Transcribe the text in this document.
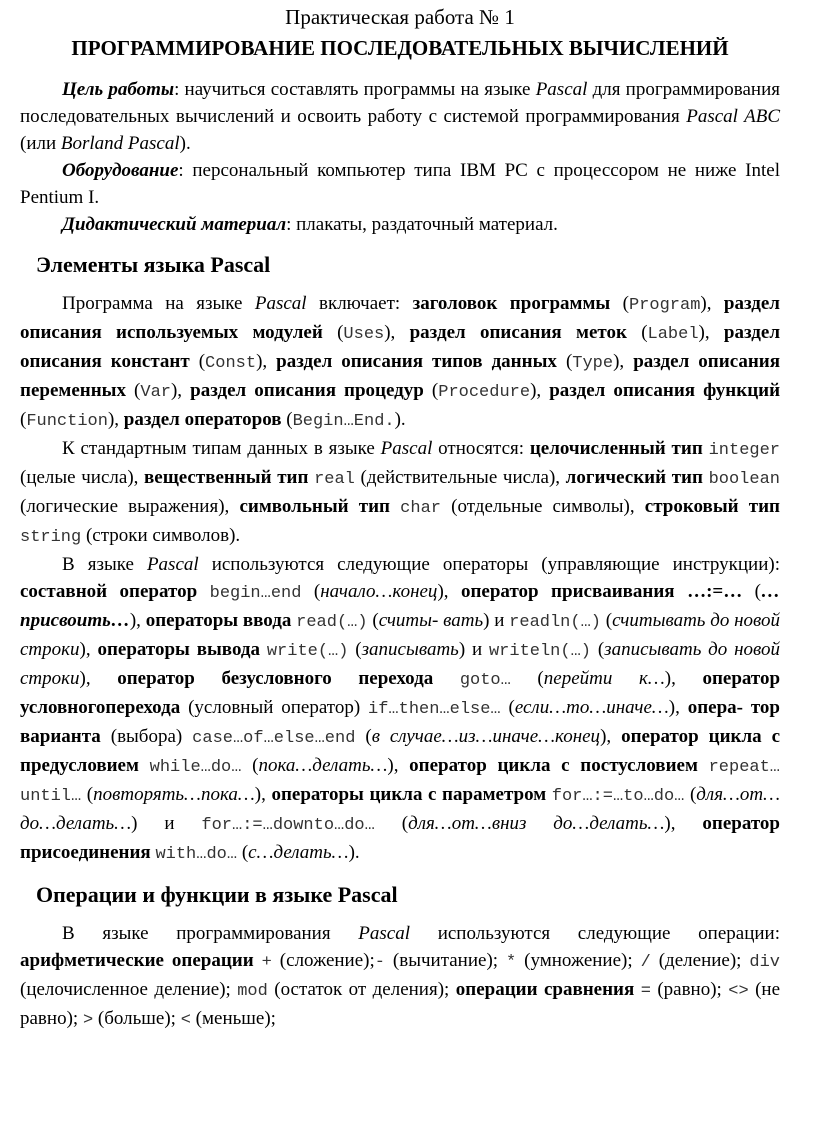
Практическая работа № 1
ПРОГРАММИРОВАНИЕ ПОСЛЕДОВАТЕЛЬНЫХ ВЫЧИСЛЕНИЙ

Цель работы: научиться составлять программы на языке Pascal для программирования последовательных вычислений и освоить работу с системой программирования Pascal ABC (или Borland Pascal).

Оборудование: персональный компьютер типа IBM PC с процессором не ниже Intel Pentium I.

Дидактический материал: плакаты, раздаточный материал.

Элементы языка Pascal

Программа на языке Pascal включает: заголовок программы (Program), раздел описания используемых модулей (Uses), раздел описания меток (Label), раздел описания констант (Const), раздел описания типов данных (Type), раздел описания переменных (Var), раздел описания процедур (Procedure), раздел описания функций (Function), раздел операторов (Begin…End.).

К стандартным типам данных в языке Pascal относятся: целочисленный тип integer (целые числа), вещественный тип real (действительные числа), логический тип boolean (логические выражения), символьный тип char (отдельные символы), строковый тип string (строки символов).

В языке Pascal используются следующие операторы (управляющие инструкции): составной оператор begin…end (начало…конец), оператор присваивания …:=… (…присвоить…), операторы ввода read(…) (считы- вать) и readln(…) (считывать до новой строки), операторы вывода write(…) (записывать) и writeln(…) (записывать до новой строки), оператор безусловного перехода goto… (перейти к…), оператор условногоперехода (условный оператор) if…then…else… (если…то…иначе…), опера- тор варианта (выбора) case…of…else…end (в случае…из…иначе…конец), оператор цикла с предусловием while…do… (пока…делать…), оператор цикла с постусловием repeat…until… (повторять…пока…), операторы цикла с параметром for…:=…to…do… (для…от…до…делать…) и for…:=…downto…do… (для…от…вниз до…делать…), оператор присоединения with…do… (с…делать…).

Операции и функции в языке Pascal

В языке программирования Pascal используются следующие операции: арифметические операции + (сложение);- (вычитание); * (умножение); / (деление); div (целочисленное деление); mod (остаток от деления); операции сравнения = (равно); <> (не равно); > (больше); < (меньше);
